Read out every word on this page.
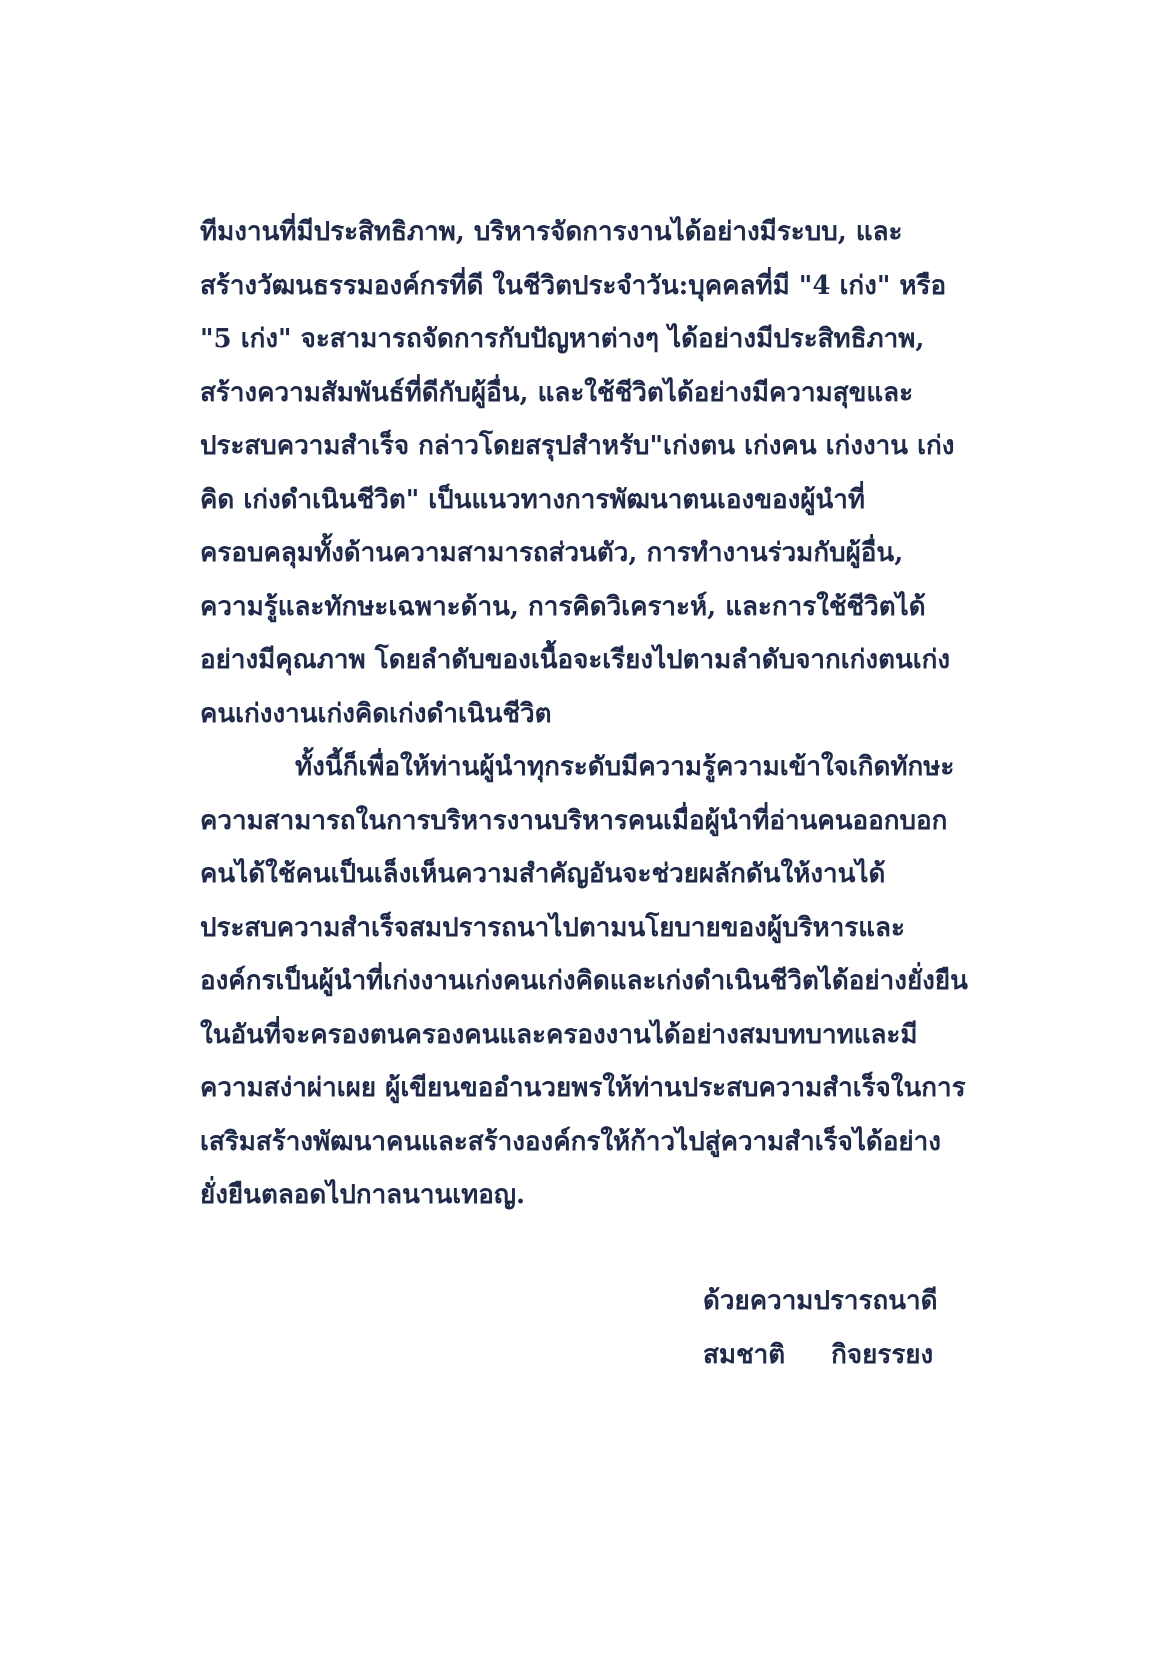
ทีมงานที่มีประสิทธิภาพ, บริหารจัดการงานได้อย่างมีระบบ, และ
สร้างวัฒนธรรมองค์กรที่ดี ในชีวิตประจำวัน:บุคคลที่มี "4 เก่ง" หรือ
"5 เก่ง" จะสามารถจัดการกับปัญหาต่างๆ ได้อย่างมีประสิทธิภาพ,
สร้างความสัมพันธ์ที่ดีกับผู้อื่น, และใช้ชีวิตได้อย่างมีความสุขและ
ประสบความสำเร็จ กล่าวโดยสรุปสำหรับ"เก่งตน เก่งคน เก่งงาน เก่ง
คิด เก่งดำเนินชีวิต" เป็นแนวทางการพัฒนาตนเองของผู้นำที่
ครอบคลุมทั้งด้านความสามารถส่วนตัว, การทำงานร่วมกับผู้อื่น,
ความรู้และทักษะเฉพาะด้าน, การคิดวิเคราะห์, และการใช้ชีวิตได้
อย่างมีคุณภาพ โดยลำดับของเนื้อจะเรียงไปตามลำดับจากเก่งตนเก่ง
คนเก่งงานเก่งคิดเก่งดำเนินชีวิต
ทั้งนี้ก็เพื่อให้ท่านผู้นำทุกระดับมีความรู้ความเข้าใจเกิดทักษะ
ความสามารถในการบริหารงานบริหารคนเมื่อผู้นำที่อ่านคนออกบอก
คนได้ใช้คนเป็นเล็งเห็นความสำคัญอันจะช่วยผลักดันให้งานได้
ประสบความสำเร็จสมปรารถนาไปตามนโยบายของผู้บริหารและ
องค์กรเป็นผู้นำที่เก่งงานเก่งคนเก่งคิดและเก่งดำเนินชีวิตได้อย่างยั่งยืน
ในอันที่จะครองตนครองคนและครองงานได้อย่างสมบทบาทและมี
ความสง่าผ่าเผย ผู้เขียนขออำนวยพรให้ท่านประสบความสำเร็จในการ
เสริมสร้างพัฒนาคนและสร้างองค์กรให้ก้าวไปสู่ความสำเร็จได้อย่าง
ยั่งยืนตลอดไปกาลนานเทอญ.
ด้วยความปรารถนาดี
สมชาติ กิจยรรยง
